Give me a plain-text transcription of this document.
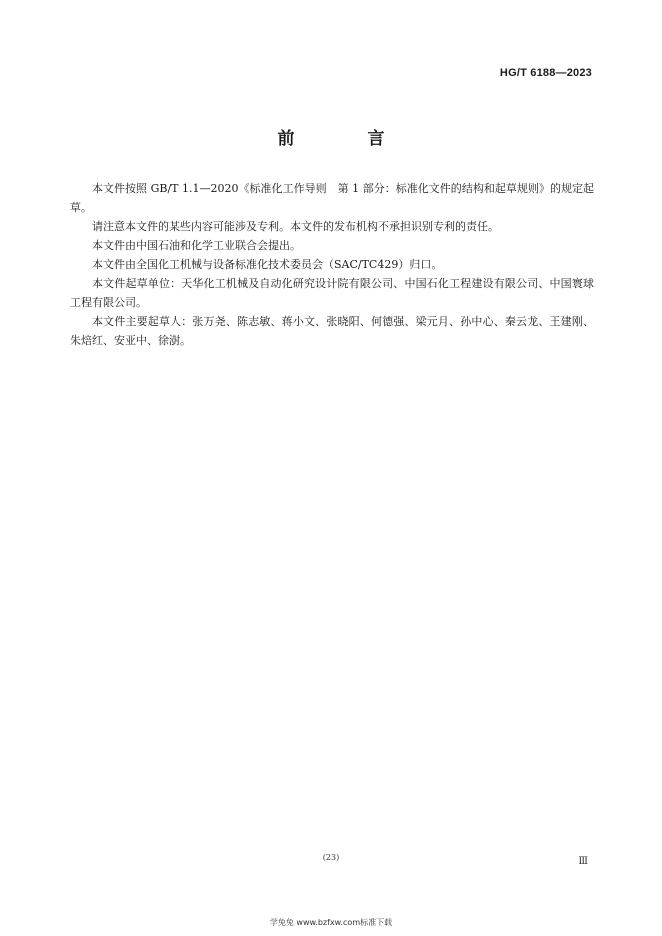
HG/T 6188—2023
前　言

本文件按照 GB/T 1.1—2020《标准化工作导则　第 1 部分：标准化文件的结构和起草规则》的规定起草。

请注意本文件的某些内容可能涉及专利。本文件的发布机构不承担识别专利的责任。

本文件由中国石油和化学工业联合会提出。

本文件由全国化工机械与设备标准化技术委员会（SAC/TC429）归口。

本文件起草单位：天华化工机械及自动化研究设计院有限公司、中国石化工程建设有限公司、中国寰球工程有限公司。

本文件主要起草人：张万尧、陈志敏、蒋小文、张晓阳、何德强、梁元月、孙中心、秦云龙、王建刚、朱焙红、安亚中、徐澍。

(23)	Ⅲ
学兔兔 www.bzfxw.com标准下载
